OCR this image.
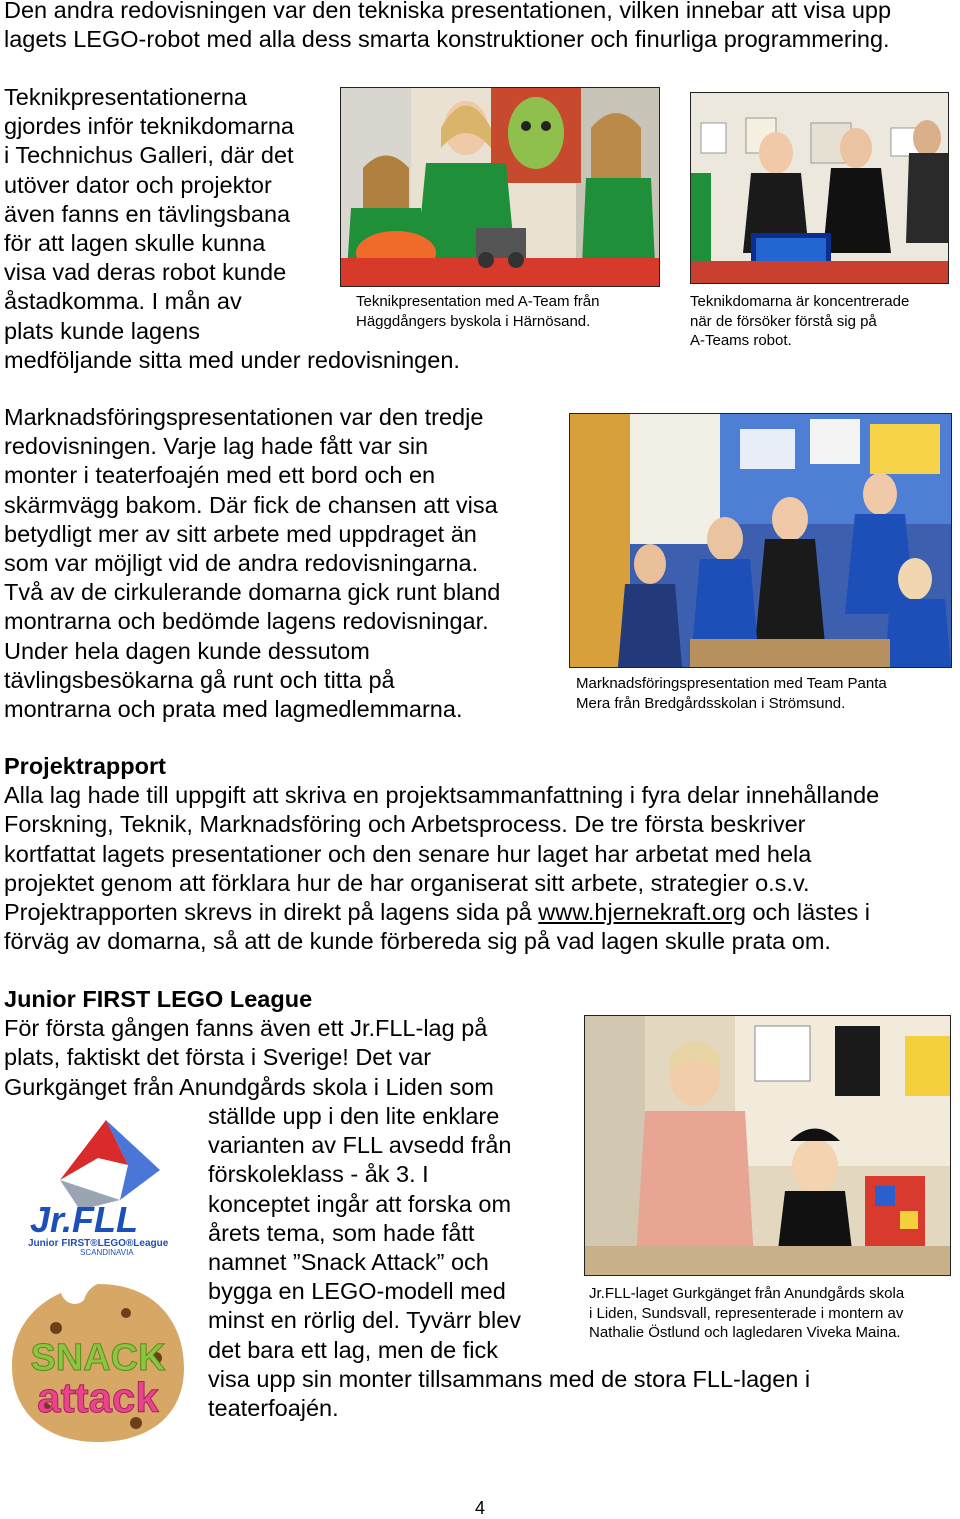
Den andra redovisningen var den tekniska presentationen, vilken innebar att visa upp
lagets LEGO-robot med alla dess smarta konstruktioner och finurliga programmering.
Teknikpresentationerna
gjordes inför teknikdomarna
i Technichus Galleri, där det
utöver dator och projektor
även fanns en tävlingsbana
för att lagen skulle kunna
visa vad deras robot kunde
åstadkomma. I mån av
plats kunde lagens
medföljande sitta med under redovisningen.
Teknikpresentation med A-Team från
Häggdångers byskola i Härnösand.
Teknikdomarna är koncentrerade
när de försöker förstå sig på
A-Teams robot.
Marknadsföringspresentationen var den tredje
redovisningen. Varje lag hade fått var sin
monter i teaterfoajén med ett bord och en
skärmvägg bakom. Där fick de chansen att visa
betydligt mer av sitt arbete med uppdraget än
som var möjligt vid de andra redovisningarna.
Två av de cirkulerande domarna gick runt bland
montrarna och bedömde lagens redovisningar.
Under hela dagen kunde dessutom
tävlingsbesökarna gå runt och titta på
montrarna och prata med lagmedlemmarna.
Marknadsföringspresentation med Team Panta
Mera från Bredgårdsskolan i Strömsund.
Projektrapport
Alla lag hade till uppgift att skriva en projektsammanfattning i fyra delar innehållande
Forskning, Teknik, Marknadsföring och Arbetsprocess. De tre första beskriver
kortfattat lagets presentationer och den senare hur laget har arbetat med hela
projektet genom att förklara hur de har organiserat sitt arbete, strategier o.s.v.
Projektrapporten skrevs in direkt på lagens sida på www.hjernekraft.org och lästes i
förväg av domarna, så att de kunde förbereda sig på vad lagen skulle prata om.
Junior FIRST LEGO League
För första gången fanns även ett Jr.FLL-lag på
plats, faktiskt det första i Sverige! Det var
Gurkgänget från Anundgårds skola i Liden som
ställde upp i den lite enklare
varianten av FLL avsedd från
förskoleklass - åk 3. I
konceptet ingår att forska om
årets tema, som hade fått
namnet ”Snack Attack” och
bygga en LEGO-modell med
minst en rörlig del. Tyvärr blev
det bara ett lag, men de fick
visa upp sin monter tillsammans med de stora FLL-lagen i
teaterfoajén.
Jr.FLL
Junior FIRST®LEGO®League
SCANDINAVIA
SNACK
attack
Jr.FLL-laget Gurkgänget från Anundgårds skola
i Liden, Sundsvall, representerade i montern av
Nathalie Östlund och lagledaren Viveka Maina.
4
